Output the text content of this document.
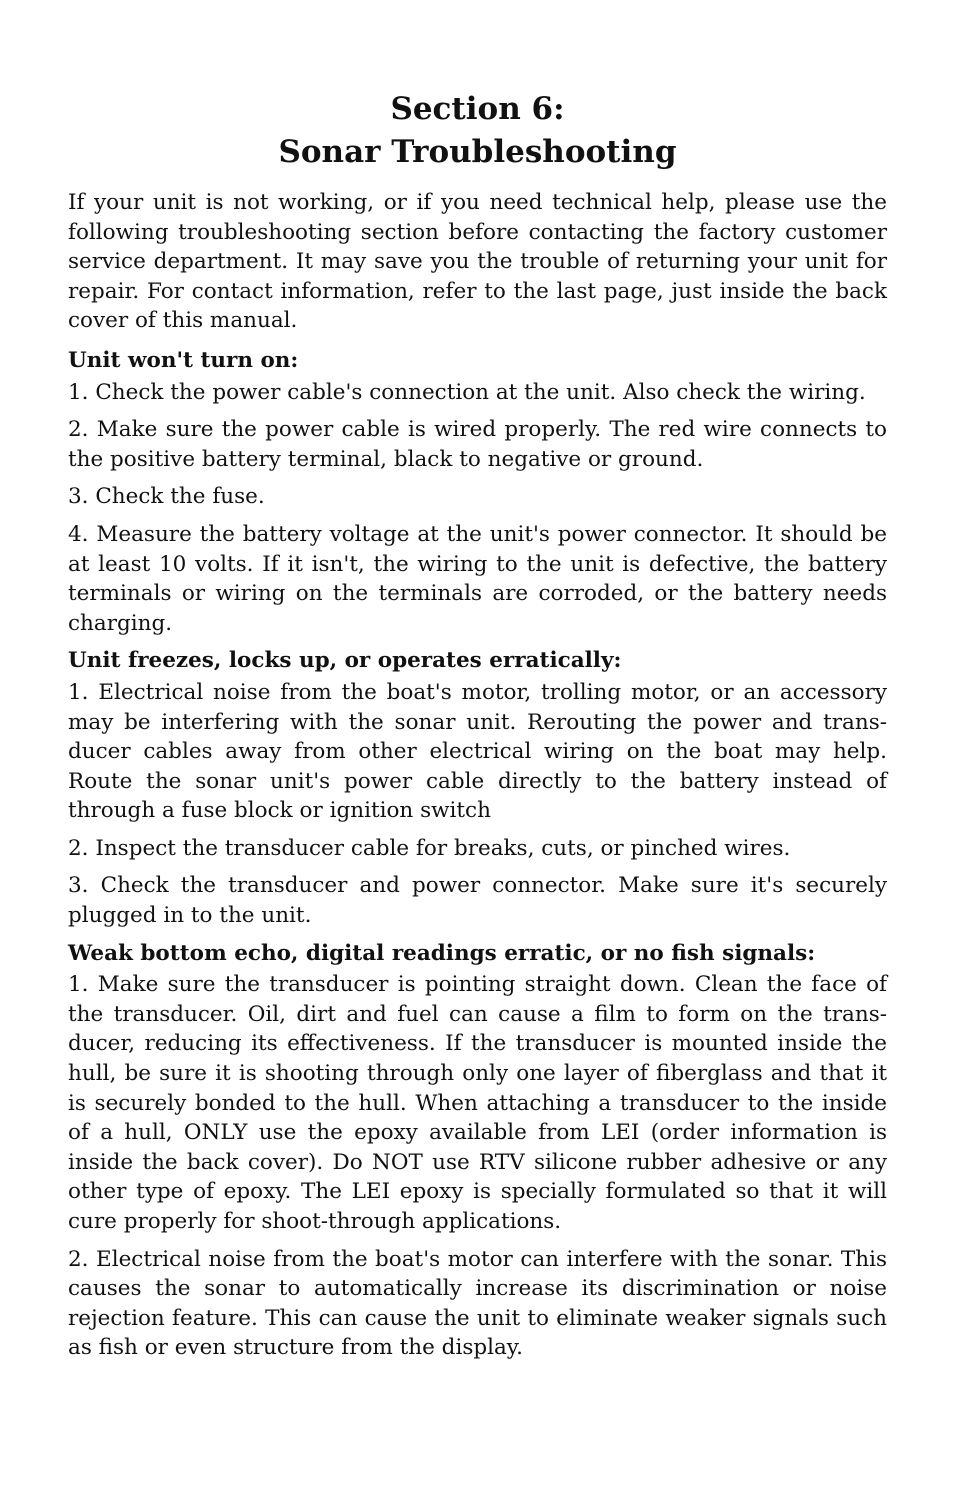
Section 6:
Sonar Troubleshooting

If your unit is not working, or if you need technical help, please use the following troubleshooting section before contacting the factory customer service department. It may save you the trouble of returning your unit for repair. For contact information, refer to the last page, just inside the back cover of this manual.

Unit won't turn on:

1. Check the power cable's connection at the unit. Also check the wiring.

2. Make sure the power cable is wired properly. The red wire connects to the positive battery terminal, black to negative or ground.

3. Check the fuse.

4. Measure the battery voltage at the unit's power connector. It should be at least 10 volts. If it isn't, the wiring to the unit is defective, the battery terminals or wiring on the terminals are corroded, or the battery needs charging.

Unit freezes, locks up, or operates erratically:

1. Electrical noise from the boat's motor, trolling motor, or an accessory may be interfering with the sonar unit. Rerouting the power and transducer cables away from other electrical wiring on the boat may help. Route the sonar unit's power cable directly to the battery instead of through a fuse block or ignition switch

2. Inspect the transducer cable for breaks, cuts, or pinched wires.

3. Check the transducer and power connector. Make sure it's securely plugged in to the unit.

Weak bottom echo, digital readings erratic, or no fish signals:

1. Make sure the transducer is pointing straight down. Clean the face of the transducer. Oil, dirt and fuel can cause a film to form on the transducer, reducing its effectiveness. If the transducer is mounted inside the hull, be sure it is shooting through only one layer of fiberglass and that it is securely bonded to the hull. When attaching a transducer to the inside of a hull, ONLY use the epoxy available from LEI (order information is inside the back cover). Do NOT use RTV silicone rubber adhesive or any other type of epoxy. The LEI epoxy is specially formulated so that it will cure properly for shoot-through applications.

2. Electrical noise from the boat's motor can interfere with the sonar. This causes the sonar to automatically increase its discrimination or noise rejection feature. This can cause the unit to eliminate weaker signals such as fish or even structure from the display.
